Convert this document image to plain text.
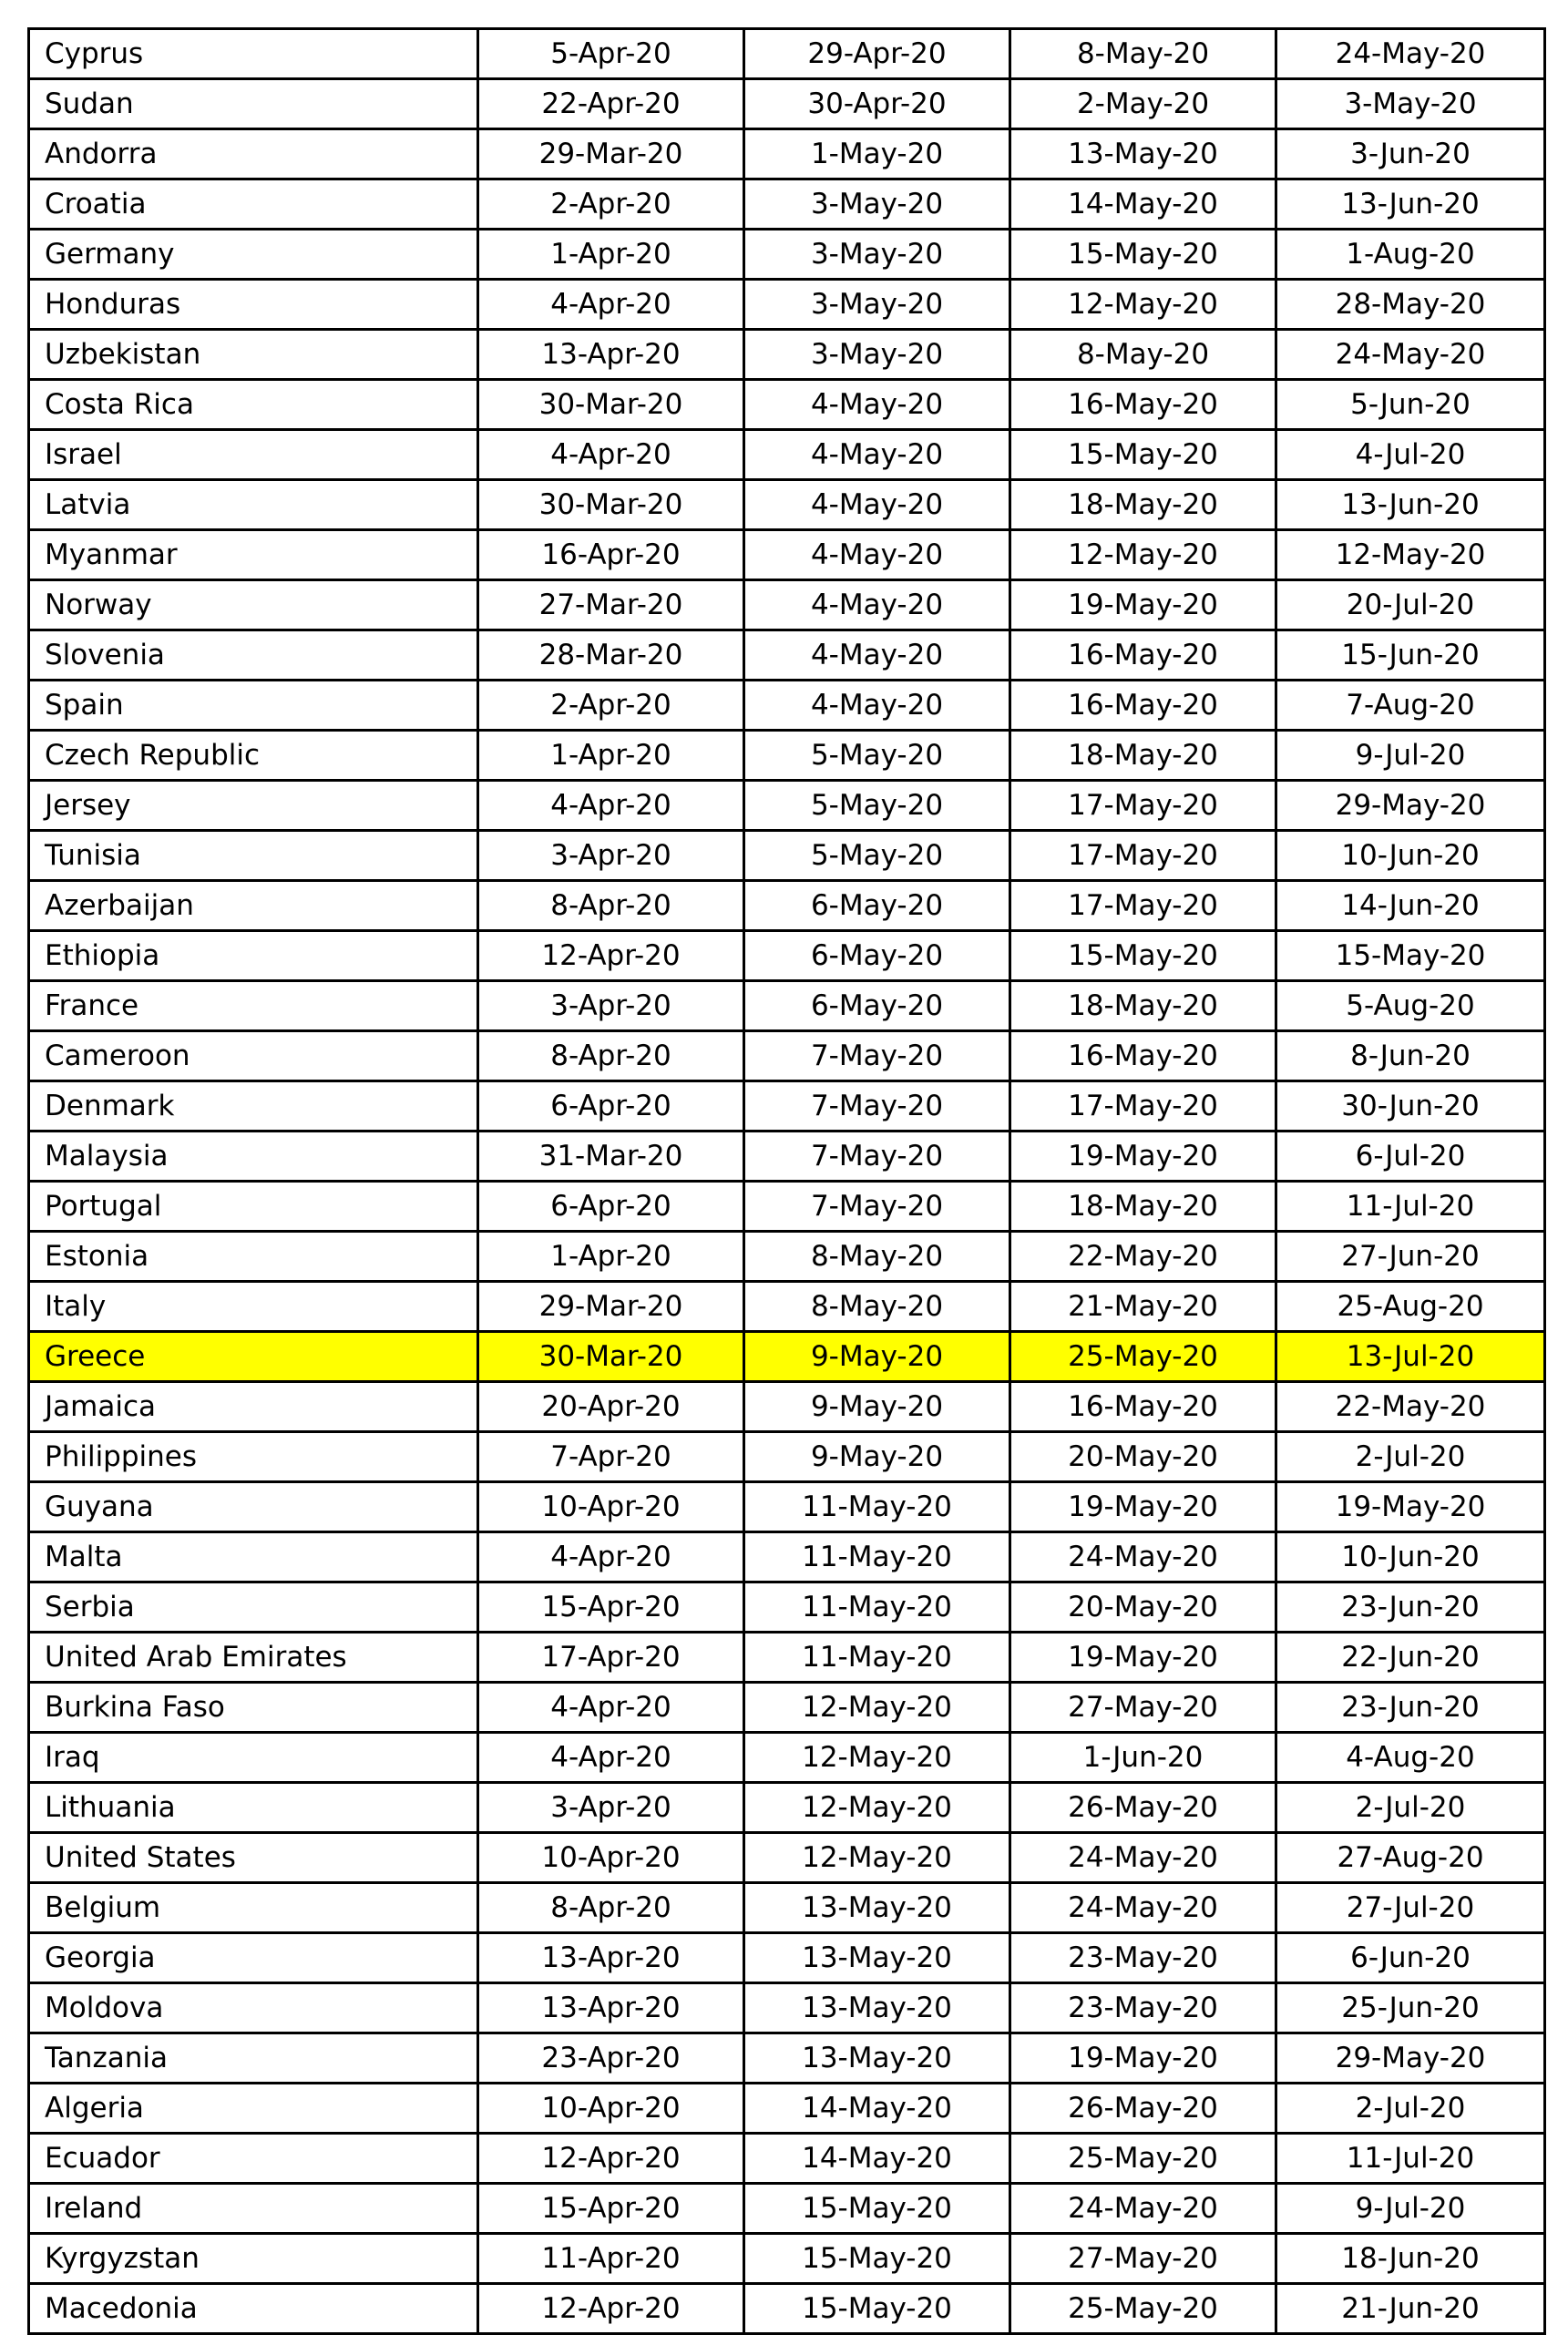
Cyprus	5-Apr-20	29-Apr-20	8-May-20	24-May-20
Sudan	22-Apr-20	30-Apr-20	2-May-20	3-May-20
Andorra	29-Mar-20	1-May-20	13-May-20	3-Jun-20
Croatia	2-Apr-20	3-May-20	14-May-20	13-Jun-20
Germany	1-Apr-20	3-May-20	15-May-20	1-Aug-20
Honduras	4-Apr-20	3-May-20	12-May-20	28-May-20
Uzbekistan	13-Apr-20	3-May-20	8-May-20	24-May-20
Costa Rica	30-Mar-20	4-May-20	16-May-20	5-Jun-20
Israel	4-Apr-20	4-May-20	15-May-20	4-Jul-20
Latvia	30-Mar-20	4-May-20	18-May-20	13-Jun-20
Myanmar	16-Apr-20	4-May-20	12-May-20	12-May-20
Norway	27-Mar-20	4-May-20	19-May-20	20-Jul-20
Slovenia	28-Mar-20	4-May-20	16-May-20	15-Jun-20
Spain	2-Apr-20	4-May-20	16-May-20	7-Aug-20
Czech Republic	1-Apr-20	5-May-20	18-May-20	9-Jul-20
Jersey	4-Apr-20	5-May-20	17-May-20	29-May-20
Tunisia	3-Apr-20	5-May-20	17-May-20	10-Jun-20
Azerbaijan	8-Apr-20	6-May-20	17-May-20	14-Jun-20
Ethiopia	12-Apr-20	6-May-20	15-May-20	15-May-20
France	3-Apr-20	6-May-20	18-May-20	5-Aug-20
Cameroon	8-Apr-20	7-May-20	16-May-20	8-Jun-20
Denmark	6-Apr-20	7-May-20	17-May-20	30-Jun-20
Malaysia	31-Mar-20	7-May-20	19-May-20	6-Jul-20
Portugal	6-Apr-20	7-May-20	18-May-20	11-Jul-20
Estonia	1-Apr-20	8-May-20	22-May-20	27-Jun-20
Italy	29-Mar-20	8-May-20	21-May-20	25-Aug-20
Greece	30-Mar-20	9-May-20	25-May-20	13-Jul-20
Jamaica	20-Apr-20	9-May-20	16-May-20	22-May-20
Philippines	7-Apr-20	9-May-20	20-May-20	2-Jul-20
Guyana	10-Apr-20	11-May-20	19-May-20	19-May-20
Malta	4-Apr-20	11-May-20	24-May-20	10-Jun-20
Serbia	15-Apr-20	11-May-20	20-May-20	23-Jun-20
United Arab Emirates	17-Apr-20	11-May-20	19-May-20	22-Jun-20
Burkina Faso	4-Apr-20	12-May-20	27-May-20	23-Jun-20
Iraq	4-Apr-20	12-May-20	1-Jun-20	4-Aug-20
Lithuania	3-Apr-20	12-May-20	26-May-20	2-Jul-20
United States	10-Apr-20	12-May-20	24-May-20	27-Aug-20
Belgium	8-Apr-20	13-May-20	24-May-20	27-Jul-20
Georgia	13-Apr-20	13-May-20	23-May-20	6-Jun-20
Moldova	13-Apr-20	13-May-20	23-May-20	25-Jun-20
Tanzania	23-Apr-20	13-May-20	19-May-20	29-May-20
Algeria	10-Apr-20	14-May-20	26-May-20	2-Jul-20
Ecuador	12-Apr-20	14-May-20	25-May-20	11-Jul-20
Ireland	15-Apr-20	15-May-20	24-May-20	9-Jul-20
Kyrgyzstan	11-Apr-20	15-May-20	27-May-20	18-Jun-20
Macedonia	12-Apr-20	15-May-20	25-May-20	21-Jun-20
